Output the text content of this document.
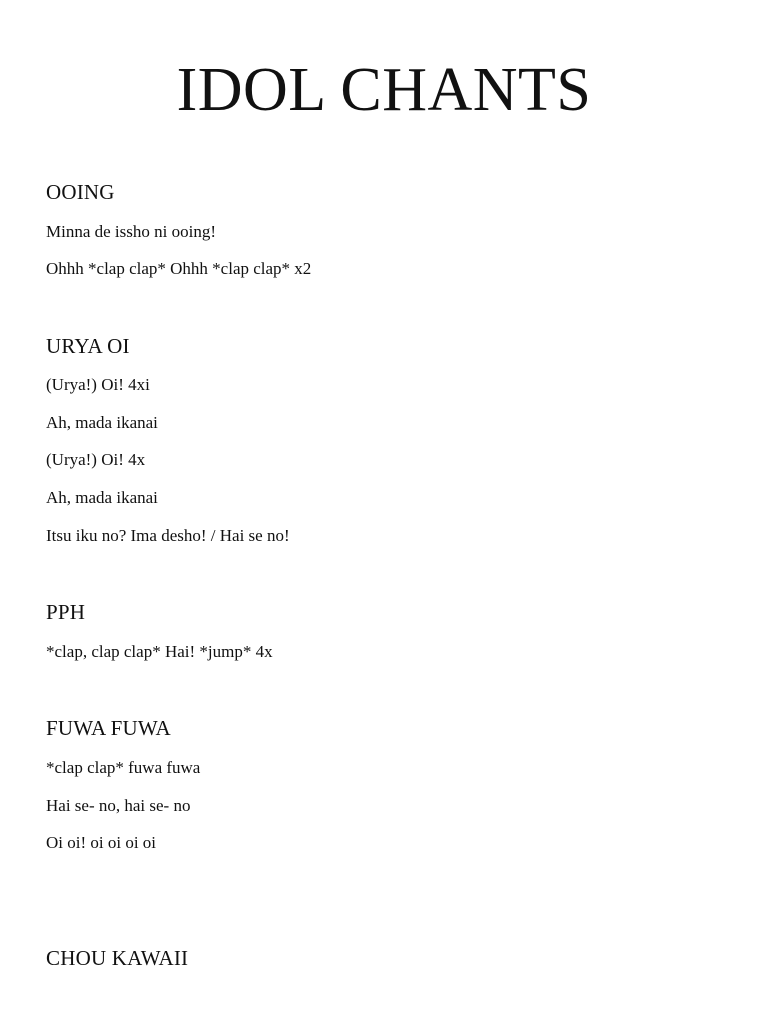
IDOL CHANTS
OOING

Minna de issho ni ooing!

Ohhh *clap clap* Ohhh *clap clap* x2

URYA OI

(Urya!) Oi! 4xi

Ah, mada ikanai

(Urya!) Oi! 4x

Ah, mada ikanai

Itsu iku no? Ima desho! / Hai se no!

PPH

*clap, clap clap* Hai! *jump* 4x

FUWA FUWA

*clap clap* fuwa fuwa

Hai se- no, hai se- no

Oi oi! oi oi oi oi

CHOU KAWAII
